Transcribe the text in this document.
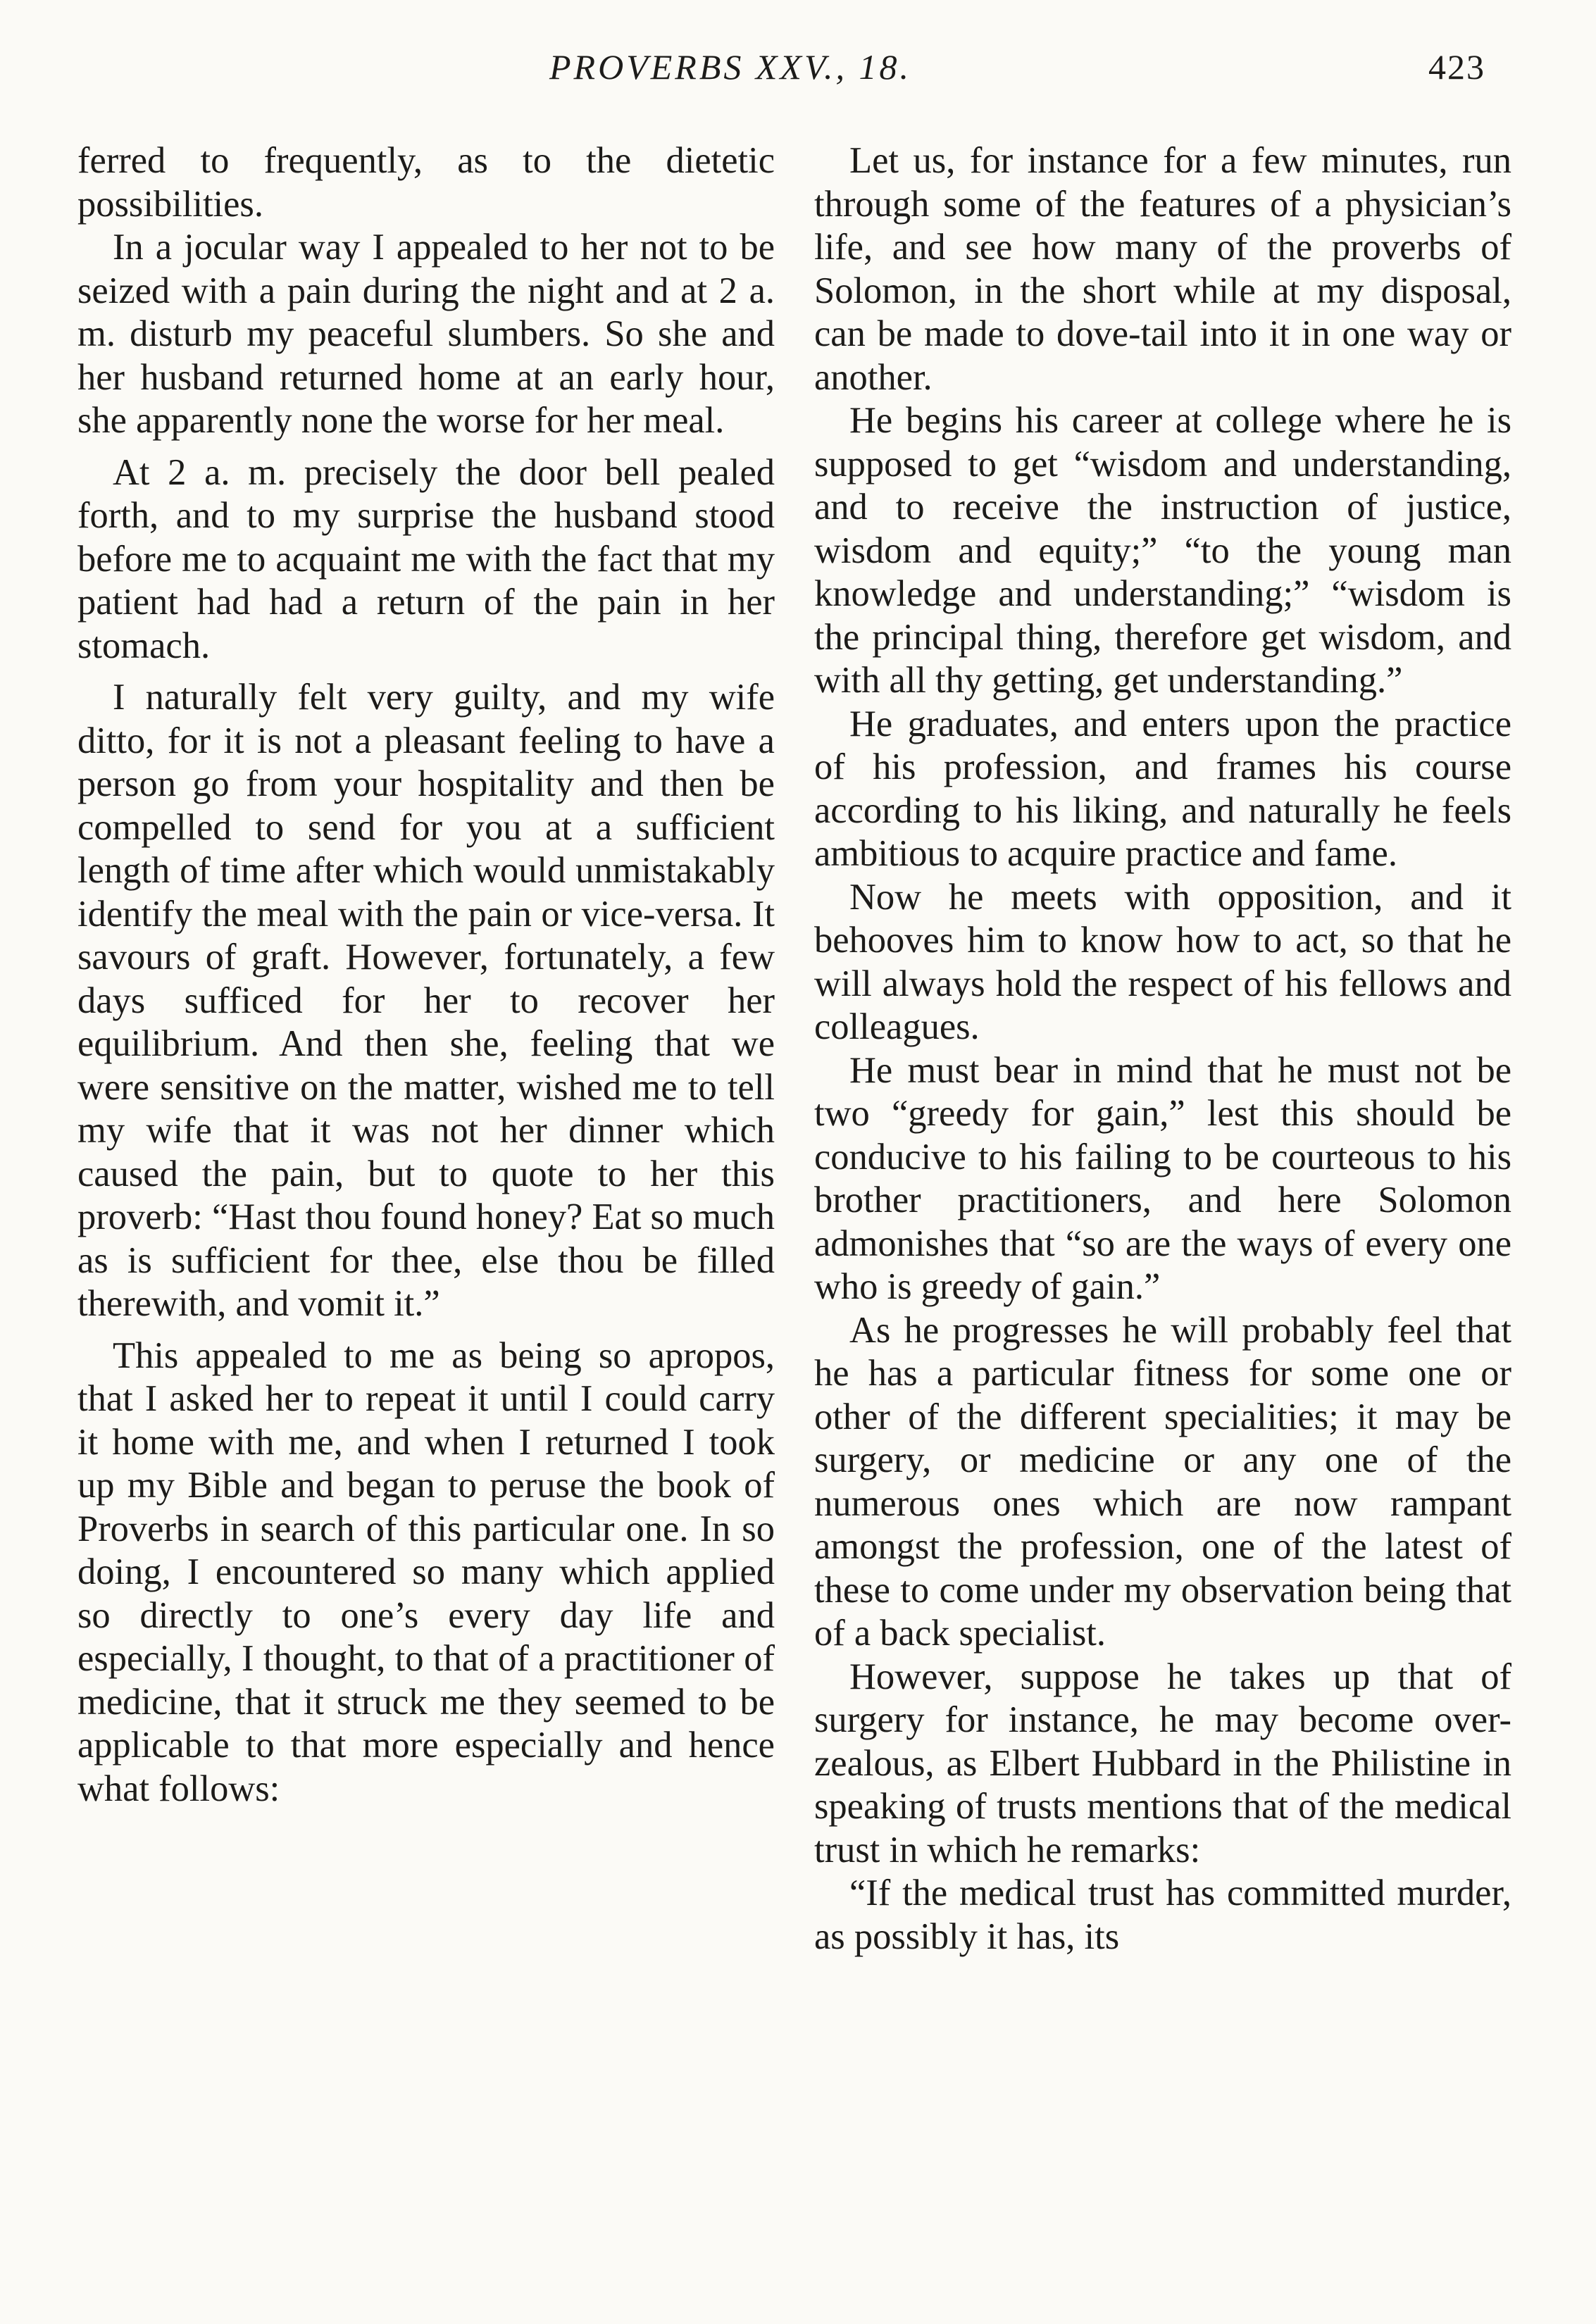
PROVERBS XXV., 18.	423

ferred to frequently, as to the dietetic possibilities.

In a jocular way I appealed to her not to be seized with a pain during the night and at 2 a. m. disturb my peaceful slumbers. So she and her husband returned home at an early hour, she apparently none the worse for her meal.

At 2 a. m. precisely the door bell pealed forth, and to my surprise the husband stood before me to acquaint me with the fact that my patient had had a return of the pain in her stomach.

I naturally felt very guilty, and my wife ditto, for it is not a pleasant feeling to have a person go from your hospitality and then be compelled to send for you at a sufficient length of time after which would unmistakably identify the meal with the pain or vice-versa. It savours of graft. However, fortunately, a few days sufficed for her to recover her equilibrium. And then she, feeling that we were sensitive on the matter, wished me to tell my wife that it was not her dinner which caused the pain, but to quote to her this proverb: “Hast thou found honey? Eat so much as is sufficient for thee, else thou be filled therewith, and vomit it.”

This appealed to me as being so apropos, that I asked her to repeat it until I could carry it home with me, and when I returned I took up my Bible and began to peruse the book of Proverbs in search of this particular one. In so doing, I encountered so many which applied so directly to one’s every day life and especially, I thought, to that of a practitioner of medicine, that it struck me they seemed to be applicable to that more especially and hence what follows:

Let us, for instance for a few minutes, run through some of the features of a physician’s life, and see how many of the proverbs of Solomon, in the short while at my disposal, can be made to dove-tail into it in one way or another.

He begins his career at college where he is supposed to get “wisdom and understanding, and to receive the instruction of justice, wisdom and equity;” “to the young man knowledge and understanding;” “wisdom is the principal thing, therefore get wisdom, and with all thy getting, get understanding.”

He graduates, and enters upon the practice of his profession, and frames his course according to his liking, and naturally he feels ambitious to acquire practice and fame.

Now he meets with opposition, and it behooves him to know how to act, so that he will always hold the respect of his fellows and colleagues.

He must bear in mind that he must not be two “greedy for gain,” lest this should be conducive to his failing to be courteous to his brother practitioners, and here Solomon admonishes that “so are the ways of every one who is greedy of gain.”

As he progresses he will probably feel that he has a particular fitness for some one or other of the different specialities; it may be surgery, or medicine or any one of the numerous ones which are now rampant amongst the profession, one of the latest of these to come under my observation being that of a back specialist.

However, suppose he takes up that of surgery for instance, he may become over-zealous, as Elbert Hubbard in the Philistine in speaking of trusts mentions that of the medical trust in which he remarks:

“If the medical trust has committed murder, as possibly it has, its
